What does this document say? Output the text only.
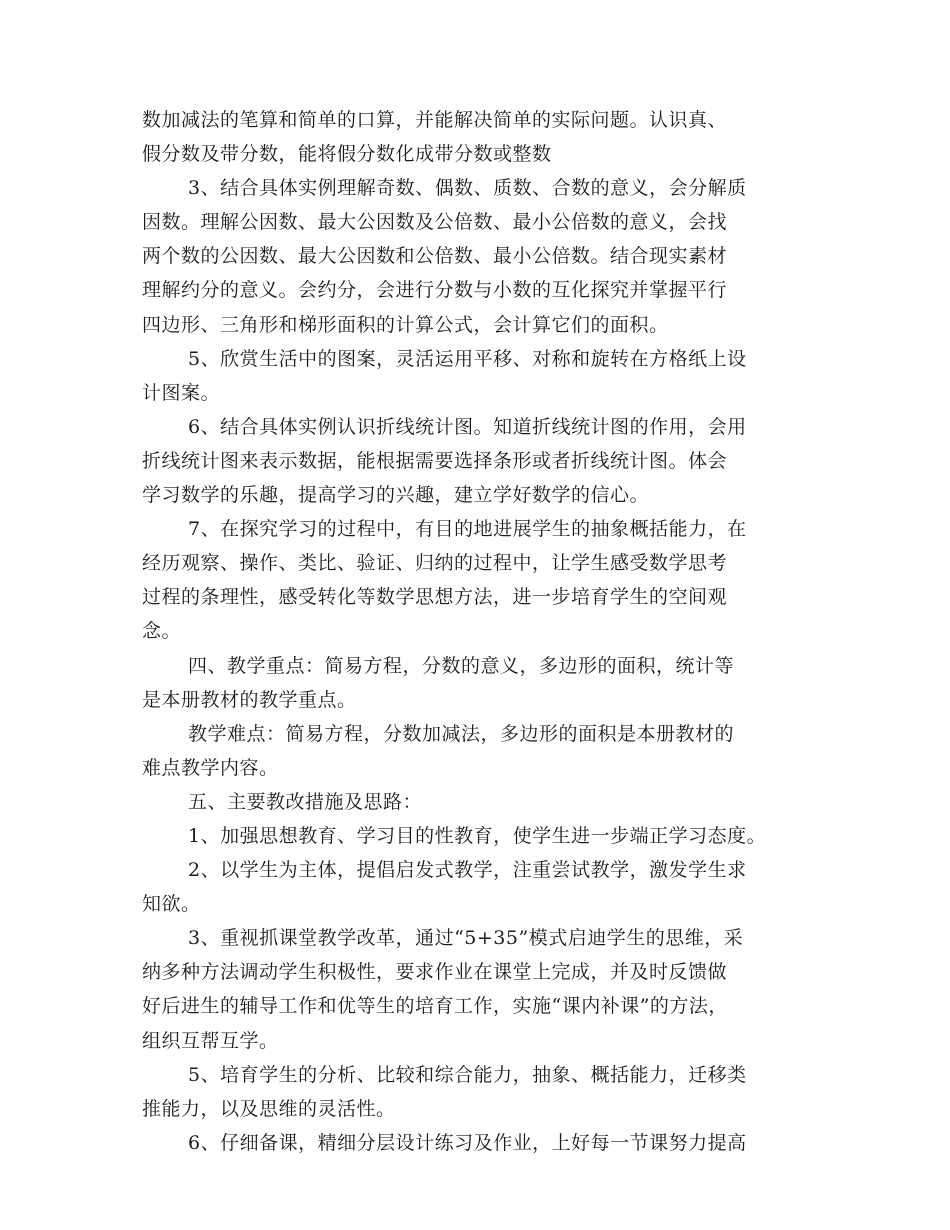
数加减法的笔算和简单的口算，并能解决简单的实际问题。认识真、
假分数及带分数，能将假分数化成带分数或整数
3、结合具体实例理解奇数、偶数、质数、合数的意义，会分解质
因数。理解公因数、最大公因数及公倍数、最小公倍数的意义，会找
两个数的公因数、最大公因数和公倍数、最小公倍数。结合现实素材
理解约分的意义。会约分，会进行分数与小数的互化探究并掌握平行
四边形、三角形和梯形面积的计算公式，会计算它们的面积。
5、欣赏生活中的图案，灵活运用平移、对称和旋转在方格纸上设
计图案。
6、结合具体实例认识折线统计图。知道折线统计图的作用，会用
折线统计图来表示数据，能根据需要选择条形或者折线统计图。体会
学习数学的乐趣，提高学习的兴趣，建立学好数学的信心。
7、在探究学习的过程中，有目的地进展学生的抽象概括能力，在
经历观察、操作、类比、验证、归纳的过程中，让学生感受数学思考
过程的条理性，感受转化等数学思想方法，进一步培育学生的空间观
念。
四、教学重点：简易方程，分数的意义，多边形的面积，统计等
是本册教材的教学重点。
教学难点：简易方程，分数加减法，多边形的面积是本册教材的
难点教学内容。
五、主要教改措施及思路：
1、加强思想教育、学习目的性教育，使学生进一步端正学习态度。
2、以学生为主体，提倡启发式教学，注重尝试教学，激发学生求
知欲。
3、重视抓课堂教学改革，通过“5+35”模式启迪学生的思维，采
纳多种方法调动学生积极性，要求作业在课堂上完成，并及时反馈做
好后进生的辅导工作和优等生的培育工作，实施“课内补课”的方法，
组织互帮互学。
5、培育学生的分析、比较和综合能力，抽象、概括能力，迁移类
推能力，以及思维的灵活性。
6、仔细备课，精细分层设计练习及作业，上好每一节课努力提高
